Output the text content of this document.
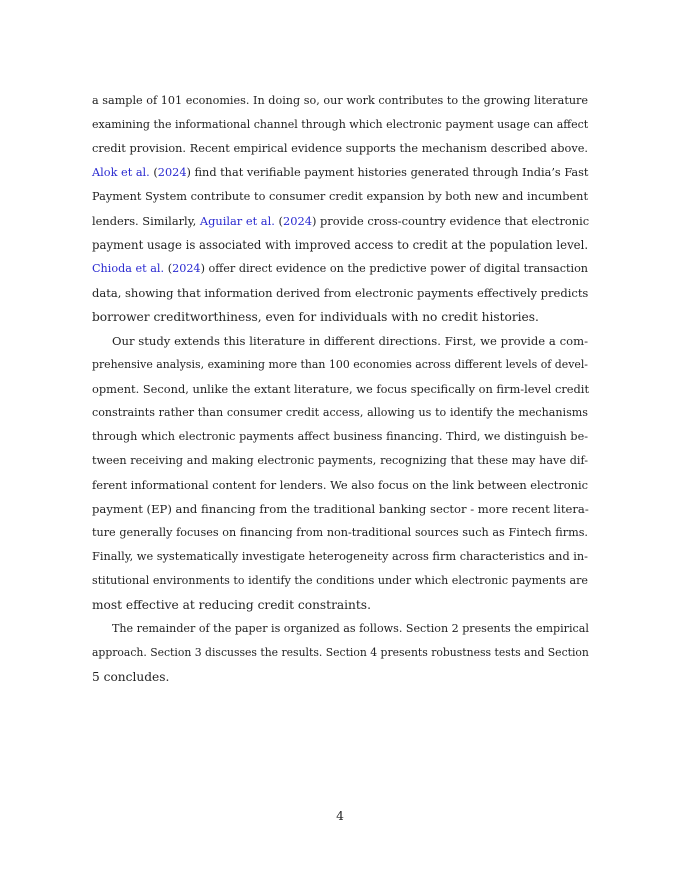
a sample of 101 economies. In doing so, our work contributes to the growing literature
examining the informational channel through which electronic payment usage can affect
credit provision. Recent empirical evidence supports the mechanism described above.
Alok et al. (2024) find that verifiable payment histories generated through India’s Fast
Payment System contribute to consumer credit expansion by both new and incumbent
lenders. Similarly, Aguilar et al. (2024) provide cross-country evidence that electronic
payment usage is associated with improved access to credit at the population level.
Chioda et al. (2024) offer direct evidence on the predictive power of digital transaction
data, showing that information derived from electronic payments effectively predicts
borrower creditworthiness, even for individuals with no credit histories.
Our study extends this literature in different directions. First, we provide a com-
prehensive analysis, examining more than 100 economies across different levels of devel-
opment. Second, unlike the extant literature, we focus specifically on firm-level credit
constraints rather than consumer credit access, allowing us to identify the mechanisms
through which electronic payments affect business financing. Third, we distinguish be-
tween receiving and making electronic payments, recognizing that these may have dif-
ferent informational content for lenders. We also focus on the link between electronic
payment (EP) and financing from the traditional banking sector - more recent litera-
ture generally focuses on financing from non-traditional sources such as Fintech firms.
Finally, we systematically investigate heterogeneity across firm characteristics and in-
stitutional environments to identify the conditions under which electronic payments are
most effective at reducing credit constraints.
The remainder of the paper is organized as follows. Section 2 presents the empirical
approach. Section 3 discusses the results. Section 4 presents robustness tests and Section
5 concludes.
4
